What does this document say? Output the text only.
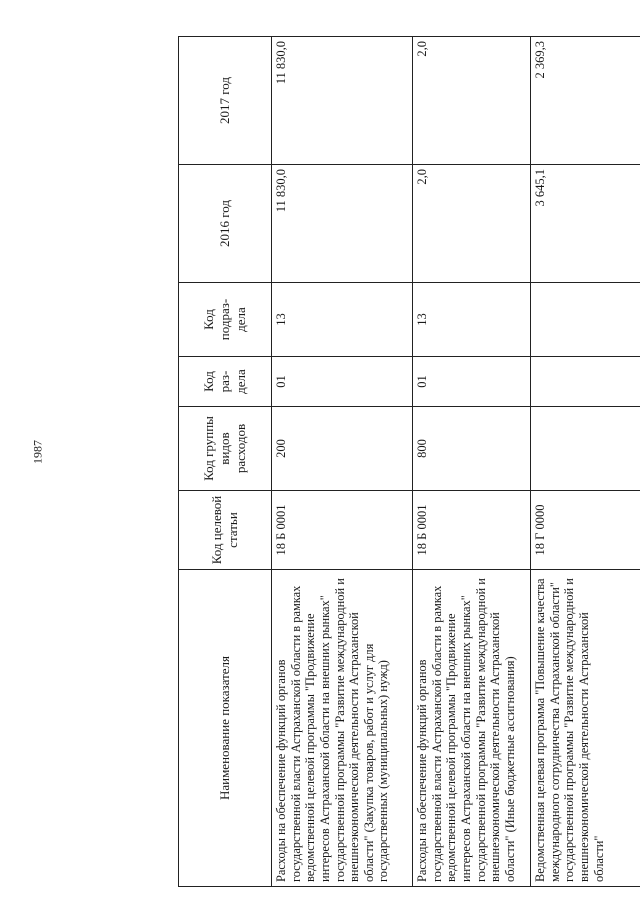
1987
Наименование показателя	Код целевой статьи	Код группы видов расходов	Код раз- дела	Код подраз- дела	2016 год	2017 год
Расходы на обеспечение функций органов государственной власти Астраханской области в рамках ведомственной целевой программы "Продвижение интересов Астраханской области на внешних рынках" государственной программы "Развитие международной и внешнеэкономической деятельности Астраханской области" (Закупка товаров, работ и услуг для государственных (муниципальных) нужд)	18 Б 0001	200	01	13	11 830,0	11 830,0
Расходы на обеспечение функций органов государственной власти Астраханской области в рамках ведомственной целевой программы "Продвижение интересов Астраханской области на внешних рынках" государственной программы "Развитие международной и внешнеэкономической деятельности Астраханской области" (Иные бюджетные ассигнования)	18 Б 0001	800	01	13	2,0	2,0
Ведомственная целевая программа "Повышение качества международного сотрудничества Астраханской области" государственной программы "Развитие международной и внешнеэкономической деятельности Астраханской области"	18 Г 0000				3 645,1	2 369,3
